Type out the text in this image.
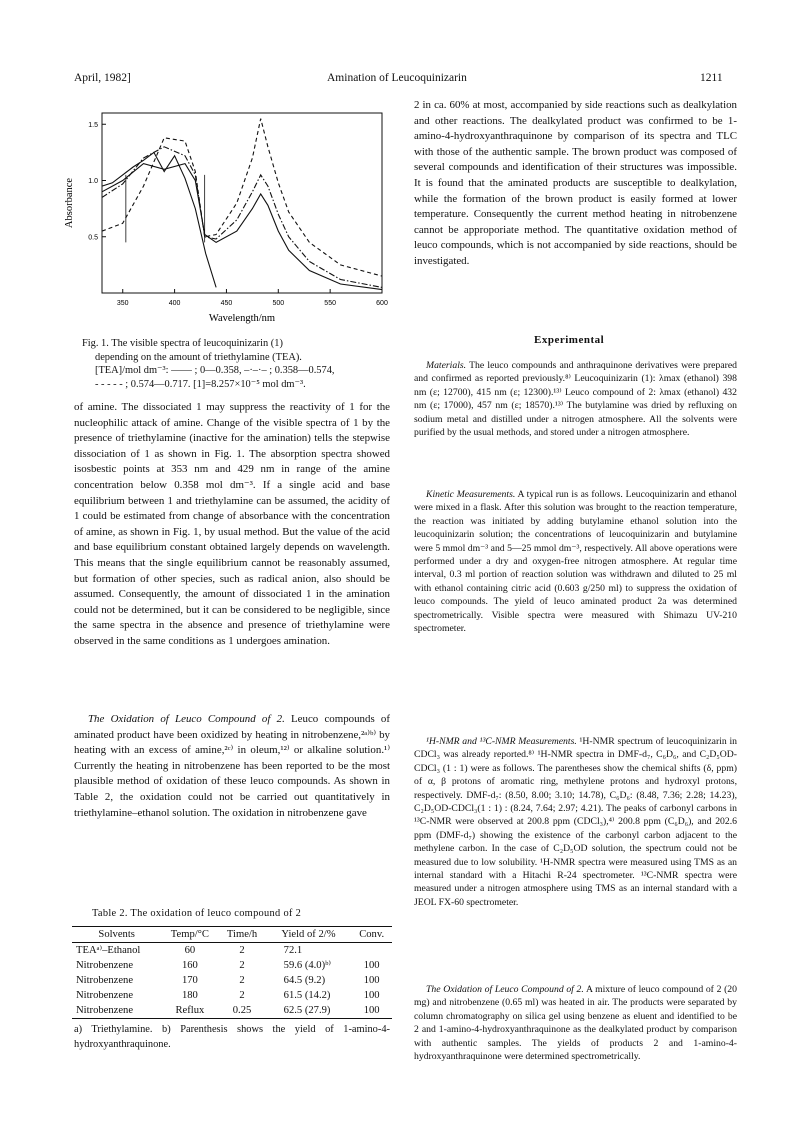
April, 1982]	Amination of Leucoquinizarin	1211
350	400	450	500	550	600
0.5
1.0
1.5
Wavelength/nm
Absorbance
Fig. 1. The visible spectra of leucoquinizarin (1)
depending on the amount of triethylamine (TEA).
[TEA]/mol dm⁻³: —— ; 0—0.358, –·–·– ; 0.358—0.574,
- - - - - ; 0.574—0.717. [1]=8.257×10⁻⁵ mol dm⁻³.
of amine. The dissociated 1 may suppress the reactivity of 1 for the nucleophilic attack of amine. Change of the visible spectra of 1 by the presence of triethylamine (inactive for the amination) tells the stepwise dissociation of 1 as shown in Fig. 1. The absorption spectra showed isosbestic points at 353 nm and 429 nm in range of the amine concentration below 0.358 mol dm⁻³. If a single acid and base equilibrium between 1 and triethylamine can be assumed, the acidity of 1 could be estimated from change of absorbance with the concentration of amine, as shown in Fig. 1, by usual method. But the value of the acid and base equilibrium constant obtained largely depends on wavelength. This means that the single equilibrium cannot be reasonably assumed, but formation of other species, such as radical anion, also should be assumed. Consequently, the amount of dissociated 1 in the amination could not be determined, but it can be considered to be negligible, since the same spectra in the absence and presence of triethylamine were observed in the same conditions as 1 undergoes amination.
The Oxidation of Leuco Compound of 2. Leuco compounds of aminated product have been oxidized by heating in nitrobenzene,²ᵃ⁾ᵇ⁾ by heating with an excess of amine,²ᶜ⁾ in oleum,¹²⁾ or alkaline solution.¹⁾ Currently the heating in nitrobenzene has been reported to be the most plausible method of oxidation of these leuco compounds. As shown in Table 2, the oxidation could not be carried out quantitatively in triethylamine–ethanol solution. The oxidation in nitrobenzene gave
Table 2. The oxidation of leuco compound of 2
Solvents	Temp/°C	Time/h	Yield of 2/%	Conv.
TEAᵃ⁾–Ethanol	60	2	72.1	
Nitrobenzene	160	2	59.6 (4.0)ᵇ⁾	100
Nitrobenzene	170	2	64.5 (9.2)	100
Nitrobenzene	180	2	61.5 (14.2)	100
Nitrobenzene	Reflux	0.25	62.5 (27.9)	100
a) Triethylamine. b) Parenthesis shows the yield of 1-amino-4-hydroxyanthraquinone.
2 in ca. 60% at most, accompanied by side reactions such as dealkylation and other reactions. The dealkylated product was confirmed to be 1-amino-4-hydroxyanthraquinone by comparison of its spectra and TLC with those of the authentic sample. The brown product was composed of several compounds and identification of their structures was impossible. It is found that the aminated products are susceptible to dealkylation, while the formation of the brown product is easily formed at lower temperature. Consequently the current method heating in nitrobenzene cannot be approporiate method. The quantitative oxidation method of leuco compounds, which is not accompanied by side reactions, should be investigated.
Experimental
Materials. The leuco compounds and anthraquinone derivatives were prepared and confirmed as reported previously.⁸⁾ Leucoquinizarin (1): λmax (ethanol) 398 nm (ε; 12700), 415 nm (ε; 12300).¹³⁾ Leuco compound of 2: λmax (ethanol) 432 nm (ε; 17000), 457 nm (ε; 18570).¹³⁾ The butylamine was dried by refluxing on sodium metal and distilled under a nitrogen atmosphere. All the solvents were purified by the usual methods, and stored under a nitrogen atmosphere.
Kinetic Measurements. A typical run is as follows. Leucoquinizarin and ethanol were mixed in a flask. After this solution was brought to the reaction temperature, the reaction was initiated by adding butylamine ethanol solution into the leucoquinizarin solution; the concentrations of leucoquinizarin and butylamine were 5 mmol dm⁻³ and 5—25 mmol dm⁻³, respectively. All above operations were performed under a dry and oxygen-free nitrogen atmosphere. At regular time interval, 0.3 ml portion of reaction solution was withdrawn and diluted to 25 ml with ethanol containing citric acid (0.603 g/250 ml) to suppress the oxidation of leuco compounds. The yield of leuco aminated product 2a was determined spectrometrically. Visible spectra were measured with Shimazu UV-210 spectrometer.
¹H-NMR and ¹³C-NMR Measurements. ¹H-NMR spectrum of leucoquinizarin in CDCl₃ was already reported.⁸⁾ ¹H-NMR spectra in DMF-d₇, C₆D₆, and C₂D₅OD-CDCl₃ (1 : 1) were as follows. The parentheses show the chemical shifts (δ, ppm) of α, β protons of aromatic ring, methylene protons and hydroxyl protons, respectively. DMF-d₇: (8.50, 8.00; 3.10; 14.78), C₆D₆: (8.48, 7.36; 2.28; 14.23), C₂D₅OD-CDCl₃(1 : 1) : (8.24, 7.64; 2.97; 4.21). The peaks of carbonyl carbons in ¹³C-NMR were observed at 200.8 ppm (CDCl₃),⁴⁾ 200.8 ppm (C₆D₆), and 202.6 ppm (DMF-d₇) showing the existence of the carbonyl carbon adjacent to the methylene carbon. In the case of C₂D₅OD solution, the spectrum could not be measured due to low solubility. ¹H-NMR spectra were measured using TMS as an internal standard with a Hitachi R-24 spectrometer. ¹³C-NMR spectra were measured under a nitrogen atmosphere using TMS as an internal standard with a JEOL FX-60 spectrometer.
The Oxidation of Leuco Compound of 2. A mixture of leuco compound of 2 (20 mg) and nitrobenzene (0.65 ml) was heated in air. The products were separated by column chromatography on silica gel using benzene as eluent and identified to be 2 and 1-amino-4-hydroxyanthraquinone as the dealkylated product by comparison with authentic samples. The yields of products 2 and 1-amino-4-hydroxyanthraquinone were determined spectrometrically.
